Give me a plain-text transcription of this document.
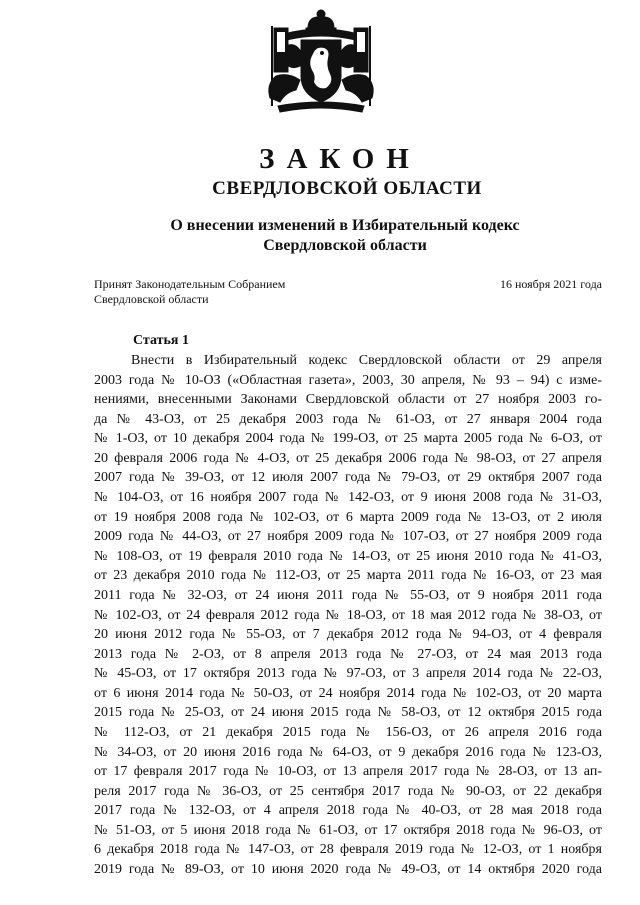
ЗАКОН
СВЕРДЛОВСКОЙ ОБЛАСТИ
О внесении изменений в Избирательный кодекс
Свердловской области
Принят Законодательным Собранием
Свердловской области
16 ноября 2021 года
Статья 1
Внести в Избирательный кодекс Свердловской области от 29 апреля
2003 года № 10-ОЗ («Областная газета», 2003, 30 апреля, № 93 – 94) с изме-
нениями, внесенными Законами Свердловской области от 27 ноября 2003 го-
да № 43-ОЗ, от 25 декабря 2003 года № 61-ОЗ, от 27 января 2004 года
№ 1-ОЗ, от 10 декабря 2004 года № 199-ОЗ, от 25 марта 2005 года № 6-ОЗ, от
20 февраля 2006 года № 4-ОЗ, от 25 декабря 2006 года № 98-ОЗ, от 27 апреля
2007 года № 39-ОЗ, от 12 июля 2007 года № 79-ОЗ, от 29 октября 2007 года
№ 104-ОЗ, от 16 ноября 2007 года № 142-ОЗ, от 9 июня 2008 года № 31-ОЗ,
от 19 ноября 2008 года № 102-ОЗ, от 6 марта 2009 года № 13-ОЗ, от 2 июля
2009 года № 44-ОЗ, от 27 ноября 2009 года № 107-ОЗ, от 27 ноября 2009 года
№ 108-ОЗ, от 19 февраля 2010 года № 14-ОЗ, от 25 июня 2010 года № 41-ОЗ,
от 23 декабря 2010 года № 112-ОЗ, от 25 марта 2011 года № 16-ОЗ, от 23 мая
2011 года № 32-ОЗ, от 24 июня 2011 года № 55-ОЗ, от 9 ноября 2011 года
№ 102-ОЗ, от 24 февраля 2012 года № 18-ОЗ, от 18 мая 2012 года № 38-ОЗ, от
20 июня 2012 года № 55-ОЗ, от 7 декабря 2012 года № 94-ОЗ, от 4 февраля
2013 года № 2-ОЗ, от 8 апреля 2013 года № 27-ОЗ, от 24 мая 2013 года
№ 45-ОЗ, от 17 октября 2013 года № 97-ОЗ, от 3 апреля 2014 года № 22-ОЗ,
от 6 июня 2014 года № 50-ОЗ, от 24 ноября 2014 года № 102-ОЗ, от 20 марта
2015 года № 25-ОЗ, от 24 июня 2015 года № 58-ОЗ, от 12 октября 2015 года
№ 112-ОЗ, от 21 декабря 2015 года № 156-ОЗ, от 26 апреля 2016 года
№ 34-ОЗ, от 20 июня 2016 года № 64-ОЗ, от 9 декабря 2016 года № 123-ОЗ,
от 17 февраля 2017 года № 10-ОЗ, от 13 апреля 2017 года № 28-ОЗ, от 13 ап-
реля 2017 года № 36-ОЗ, от 25 сентября 2017 года № 90-ОЗ, от 22 декабря
2017 года № 132-ОЗ, от 4 апреля 2018 года № 40-ОЗ, от 28 мая 2018 года
№ 51-ОЗ, от 5 июня 2018 года № 61-ОЗ, от 17 октября 2018 года № 96-ОЗ, от
6 декабря 2018 года № 147-ОЗ, от 28 февраля 2019 года № 12-ОЗ, от 1 ноября
2019 года № 89-ОЗ, от 10 июня 2020 года № 49-ОЗ, от 14 октября 2020 года
